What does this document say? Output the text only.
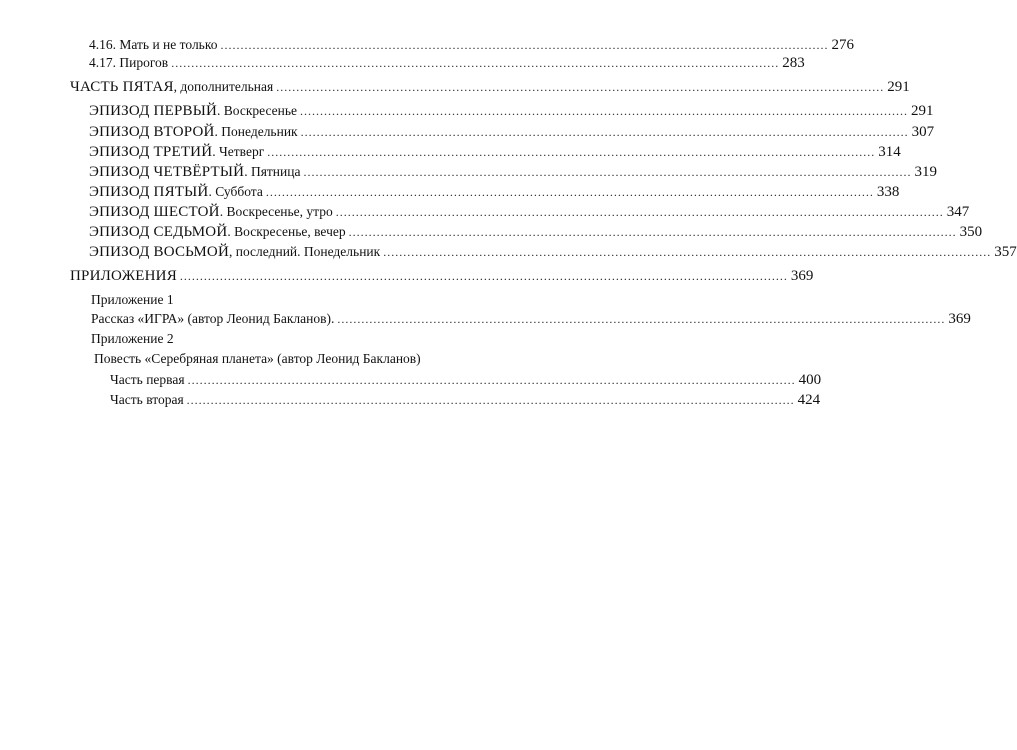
4.16. Мать и не только ........................................................................................................................................................ 276
4.17. Пирогов ........................................................................................................................................................ 283
ЧАСТЬ ПЯТАЯ , дополнительная ........................................................................................................................................................ 291
ЭПИЗОД ПЕРВЫЙ . Воскресенье ........................................................................................................................................................ 291
ЭПИЗОД ВТОРОЙ . Понедельник ........................................................................................................................................................ 307
ЭПИЗОД ТРЕТИЙ . Четверг ........................................................................................................................................................ 314
ЭПИЗОД ЧЕТВЁРТЫЙ . Пятница ........................................................................................................................................................ 319
ЭПИЗОД ПЯТЫЙ . Суббота ........................................................................................................................................................ 338
ЭПИЗОД ШЕСТОЙ . Воскресенье, утро ........................................................................................................................................................ 347
ЭПИЗОД СЕДЬМОЙ . Воскресенье, вечер ........................................................................................................................................................ 350
ЭПИЗОД ВОСЬМОЙ , последний. Понедельник ........................................................................................................................................................ 357
ПРИЛОЖЕНИЯ ........................................................................................................................................................ 369
Приложение 1
Рассказ «ИГРА» (автор Леонид Бакланов). ........................................................................................................................................................ 369
Приложение 2
Повесть «Серебряная планета» (автор Леонид Бакланов)
Часть первая ........................................................................................................................................................ 400
Часть вторая ........................................................................................................................................................ 424
